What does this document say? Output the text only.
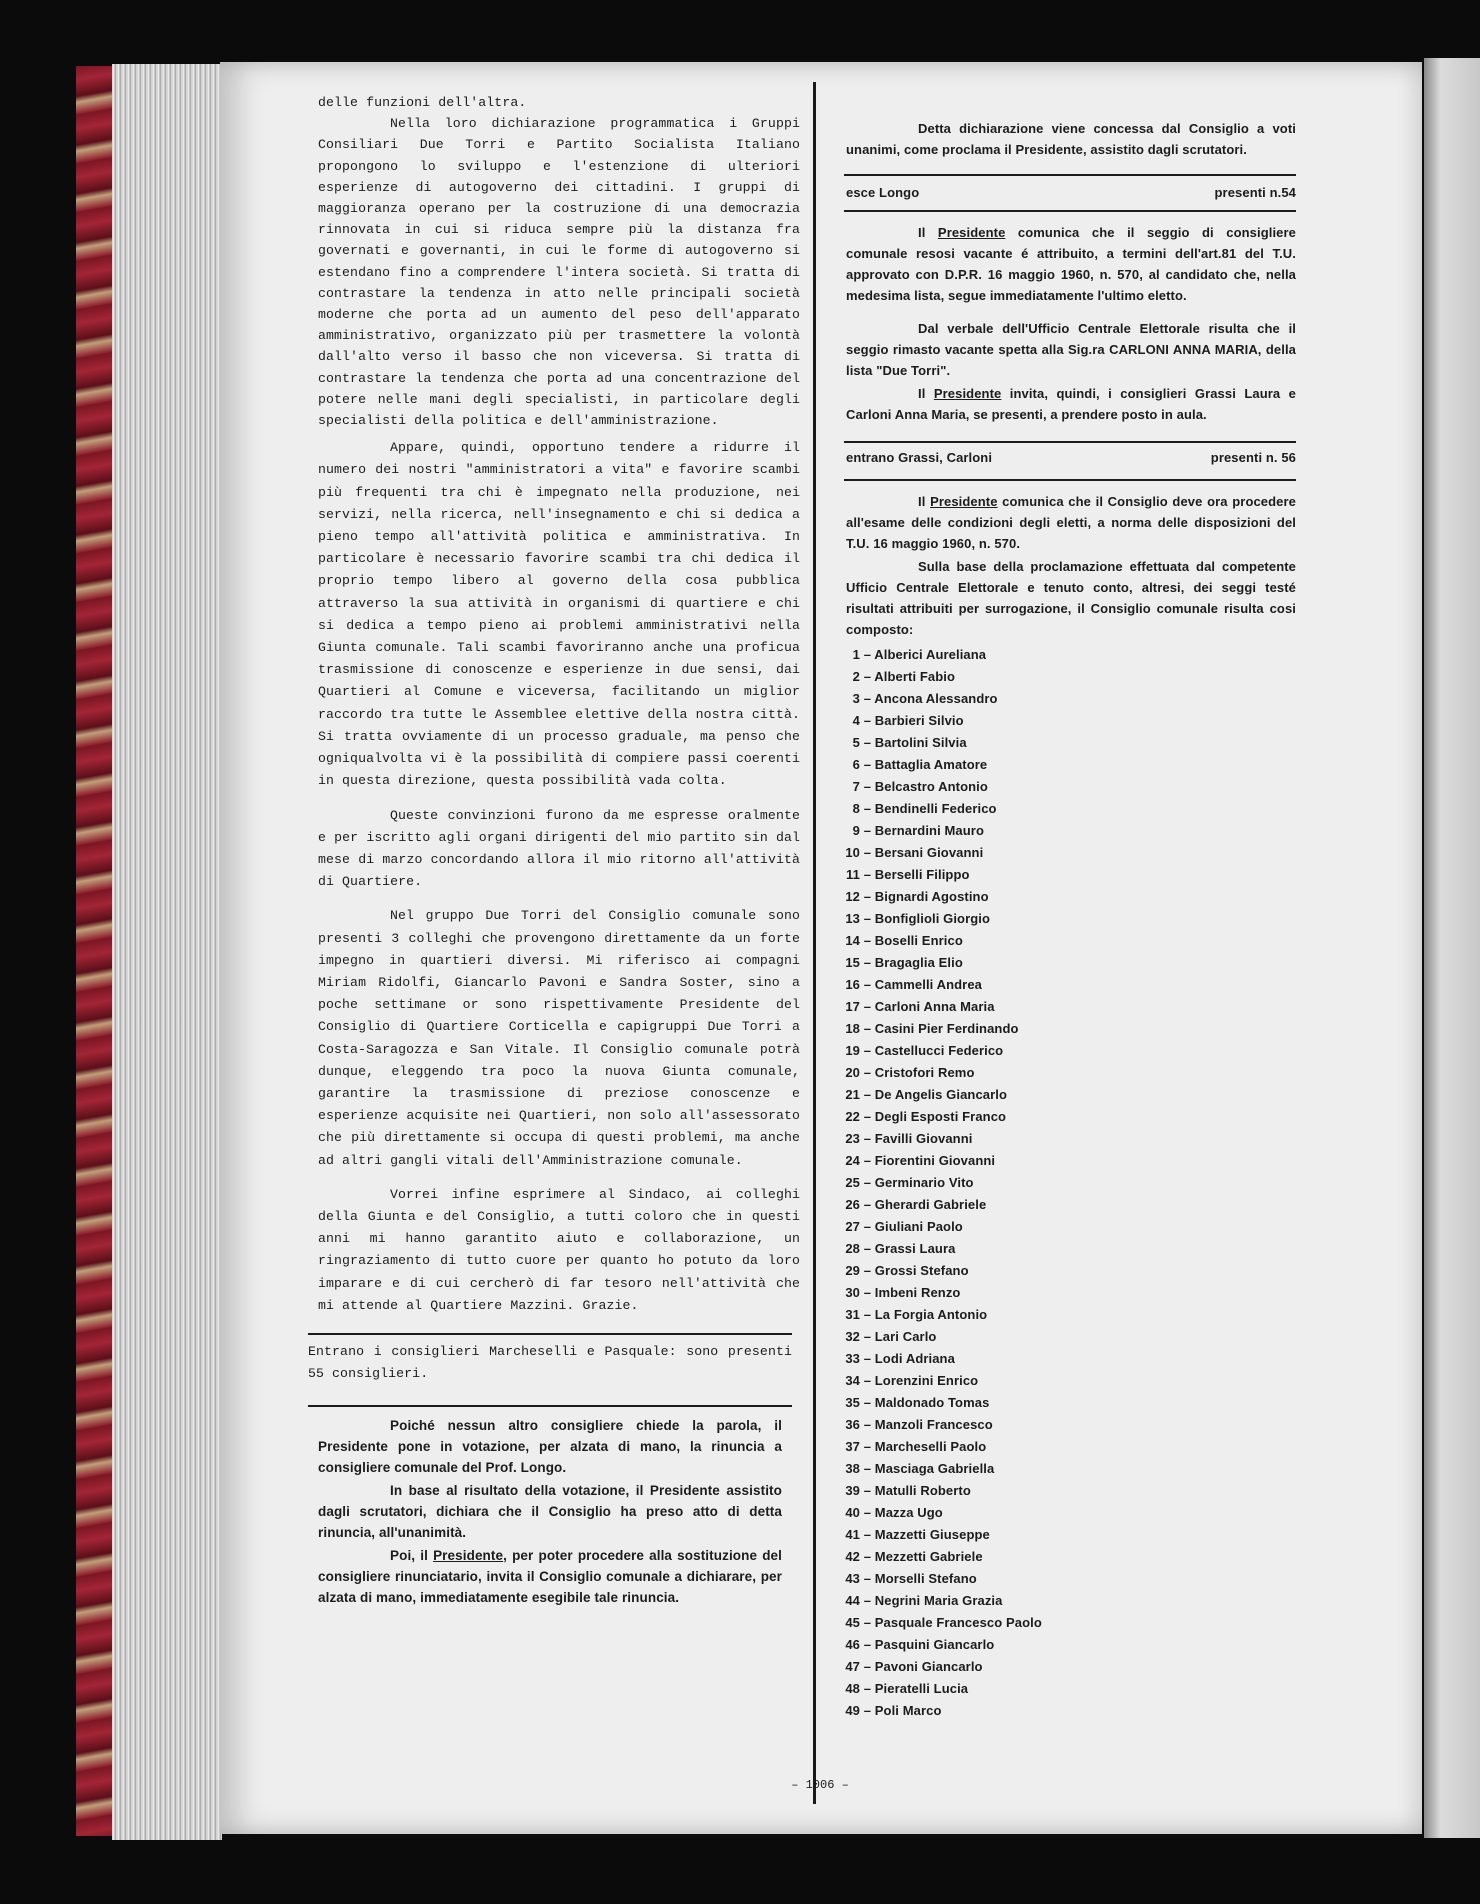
delle funzioni dell'altra.

Nella loro dichiarazione programmatica i Gruppi Consiliari Due Torri e Partito Socialista Italiano propongono lo sviluppo e l'estenzione di ulteriori esperienze di autogoverno dei cittadini. I gruppi di maggioranza operano per la costruzione di una democrazia rinnovata in cui si riduca sempre più la distanza fra governati e governanti, in cui le forme di autogoverno si estendano fino a comprendere l'intera società. Si tratta di contrastare la tendenza in atto nelle principali società moderne che porta ad un aumento del peso dell'apparato amministrativo, organizzato più per trasmettere la volontà dall'alto verso il basso che non viceversa. Si tratta di contrastare la tendenza che porta ad una concentrazione del potere nelle mani degli specialisti, in particolare degli specialisti della politica e dell'amministrazione.

Appare, quindi, opportuno tendere a ridurre il numero dei nostri "amministratori a vita" e favorire scambi più frequenti tra chi è impegnato nella produzione, nei servizi, nella ricerca, nell'insegnamento e chi si dedica a pieno tempo all'attività politica e amministrativa. In particolare è necessario favorire scambi tra chi dedica il proprio tempo libero al governo della cosa pubblica attraverso la sua attività in organismi di quartiere e chi si dedica a tempo pieno ai problemi amministrativi nella Giunta comunale. Tali scambi favoriranno anche una proficua trasmissione di conoscenze e esperienze in due sensi, dai Quartieri al Comune e viceversa, facilitando un miglior raccordo tra tutte le Assemblee elettive della nostra città. Si tratta ovviamente di un processo graduale, ma penso che ogniqualvolta vi è la possibilità di compiere passi coerenti in questa direzione, questa possibilità vada colta.

Queste convinzioni furono da me espresse oralmente e per iscritto agli organi dirigenti del mio partito sin dal mese di marzo concordando allora il mio ritorno all'attività di Quartiere.

Nel gruppo Due Torri del Consiglio comunale sono presenti 3 colleghi che provengono direttamente da un forte impegno in quartieri diversi. Mi riferisco ai compagni Miriam Ridolfi, Giancarlo Pavoni e Sandra Soster, sino a poche settimane or sono rispettivamente Presidente del Consiglio di Quartiere Corticella e capigruppi Due Torri a Costa-Saragozza e San Vitale. Il Consiglio comunale potrà dunque, eleggendo tra poco la nuova Giunta comunale, garantire la trasmissione di preziose conoscenze e esperienze acquisite nei Quartieri, non solo all'assessorato che più direttamente si occupa di questi problemi, ma anche ad altri gangli vitali dell'Amministrazione comunale.

Vorrei infine esprimere al Sindaco, ai colleghi della Giunta e del Consiglio, a tutti coloro che in questi anni mi hanno garantito aiuto e collaborazione, un ringraziamento di tutto cuore per quanto ho potuto da loro imparare e di cui cercherò di far tesoro nell'attività che mi attende al Quartiere Mazzini. Grazie.

Entrano i consiglieri Marcheselli e Pasquale: sono presenti 55 consiglieri.

Poiché nessun altro consigliere chiede la parola, il Presidente pone in votazione, per alzata di mano, la rinuncia a consigliere comunale del Prof. Longo.

In base al risultato della votazione, il Presidente assistito dagli scrutatori, dichiara che il Consiglio ha preso atto di detta rinuncia, all'unanimità.

Poi, il Presidente, per poter procedere alla sostituzione del consigliere rinunciatario, invita il Consiglio comunale a dichiarare, per alzata di mano, immediatamente esegibile tale rinuncia.

Detta dichiarazione viene concessa dal Consiglio a voti unanimi, come proclama il Presidente, assistito dagli scrutatori.

esce Longo	presenti n.54

Il Presidente comunica che il seggio di consigliere comunale resosi vacante é attribuito, a termini dell'art.81 del T.U. approvato con D.P.R. 16 maggio 1960, n. 570, al candidato che, nella medesima lista, segue immediatamente l'ultimo eletto.

Dal verbale dell'Ufficio Centrale Elettorale risulta che il seggio rimasto vacante spetta alla Sig.ra CARLONI ANNA MARIA, della lista "Due Torri".

Il Presidente invita, quindi, i consiglieri Grassi Laura e Carloni Anna Maria, se presenti, a prendere posto in aula.

entrano Grassi, Carloni	presenti n. 56

Il Presidente comunica che il Consiglio deve ora procedere all'esame delle condizioni degli eletti, a norma delle disposizioni del T.U. 16 maggio 1960, n. 570.

Sulla base della proclamazione effettuata dal competente Ufficio Centrale Elettorale e tenuto conto, altresi, dei seggi testé risultati attribuiti per surrogazione, il Consiglio comunale risulta cosi composto:

1 – Alberici Aureliana
2 – Alberti Fabio
3 – Ancona Alessandro
4 – Barbieri Silvio
5 – Bartolini Silvia
6 – Battaglia Amatore
7 – Belcastro Antonio
8 – Bendinelli Federico
9 – Bernardini Mauro
10 – Bersani Giovanni
11 – Berselli Filippo
12 – Bignardi Agostino
13 – Bonfiglioli Giorgio
14 – Boselli Enrico
15 – Bragaglia Elio
16 – Cammelli Andrea
17 – Carloni Anna Maria
18 – Casini Pier Ferdinando
19 – Castellucci Federico
20 – Cristofori Remo
21 – De Angelis Giancarlo
22 – Degli Esposti Franco
23 – Favilli Giovanni
24 – Fiorentini Giovanni
25 – Germinario Vito
26 – Gherardi Gabriele
27 – Giuliani Paolo
28 – Grassi Laura
29 – Grossi Stefano
30 – Imbeni Renzo
31 – La Forgia Antonio
32 – Lari Carlo
33 – Lodi Adriana
34 – Lorenzini Enrico
35 – Maldonado Tomas
36 – Manzoli Francesco
37 – Marcheselli Paolo
38 – Masciaga Gabriella
39 – Matulli Roberto
40 – Mazza Ugo
41 – Mazzetti Giuseppe
42 – Mezzetti Gabriele
43 – Morselli Stefano
44 – Negrini Maria Grazia
45 – Pasquale Francesco Paolo
46 – Pasquini Giancarlo
47 – Pavoni Giancarlo
48 – Pieratelli Lucia
49 – Poli Marco
– 1006 –
